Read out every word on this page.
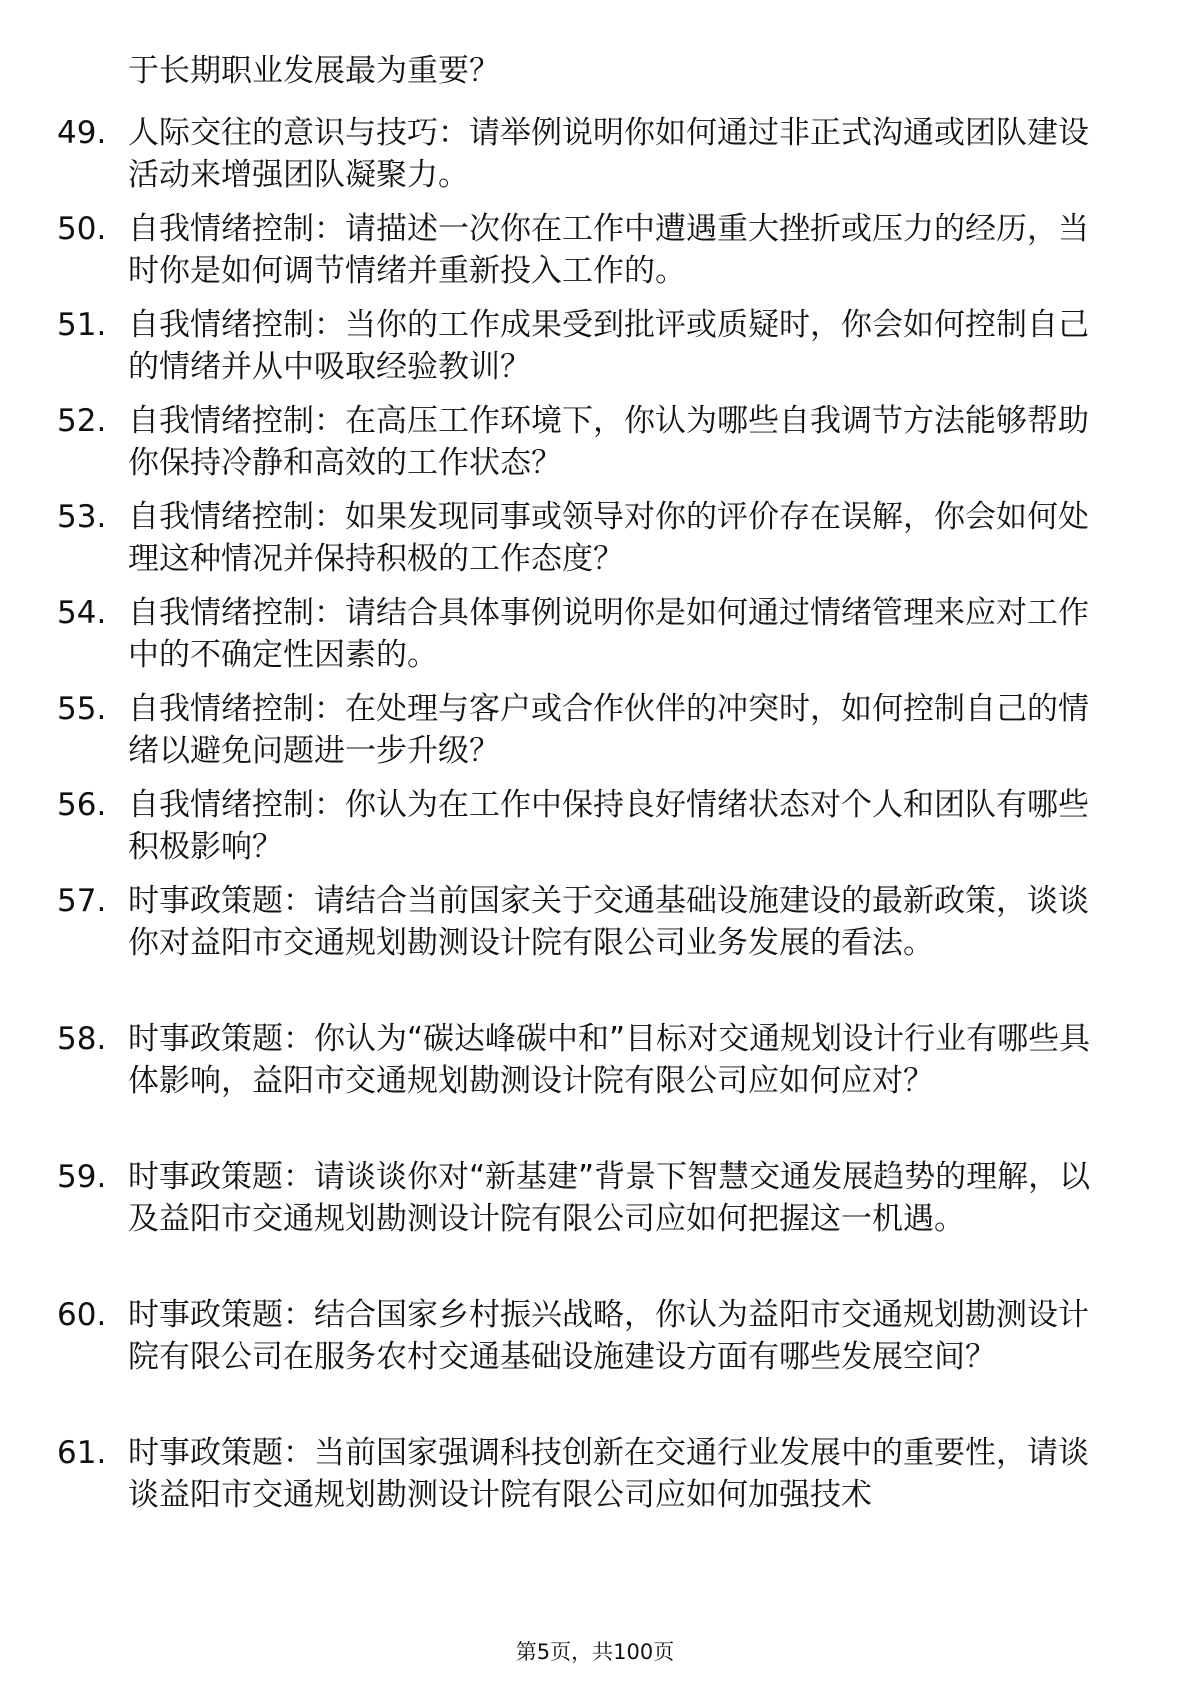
​
于长期职业发展最为重要？
49. 人际交往的意识与技巧：请举例说明你如何通过非正式沟通或团队建设活动来增强团队凝聚力。
50. 自我情绪控制：请描述一次你在工作中遭遇重大挫折或压力的经历，当时你是如何调节情绪并重新投入工作的。
51. 自我情绪控制：当你的工作成果受到批评或质疑时，你会如何控制自己的情绪并从中吸取经验教训？
52. 自我情绪控制：在高压工作环境下，你认为哪些自我调节方法能够帮助你保持冷静和高效的工作状态？
53. 自我情绪控制：如果发现同事或领导对你的评价存在误解，你会如何处理这种情况并保持积极的工作态度？
54. 自我情绪控制：请结合具体事例说明你是如何通过情绪管理来应对工作中的不确定性因素的。
55. 自我情绪控制：在处理与客户或合作伙伴的冲突时，如何控制自己的情绪以避免问题进一步升级？
56. 自我情绪控制：你认为在工作中保持良好情绪状态对个人和团队有哪些积极影响？
57. 时事政策题：请结合当前国家关于交通基础设施建设的最新政策，谈谈你对益阳市交通规划勘测设计院有限公司业务发展的看法。
58. 时事政策题：你认为“碳达峰碳中和”目标对交通规划设计行业有哪些具体影响，益阳市交通规划勘测设计院有限公司应如何应对？
59. 时事政策题：请谈谈你对“新基建”背景下智慧交通发展趋势的理解，以及益阳市交通规划勘测设计院有限公司应如何把握这一机遇。
60. 时事政策题：结合国家乡村振兴战略，你认为益阳市交通规划勘测设计院有限公司在服务农村交通基础设施建设方面有哪些发展空间？
61. 时事政策题：当前国家强调科技创新在交通行业发展中的重要性，请谈谈益阳市交通规划勘测设计院有限公司应如何加强技术
第5页，共100页
